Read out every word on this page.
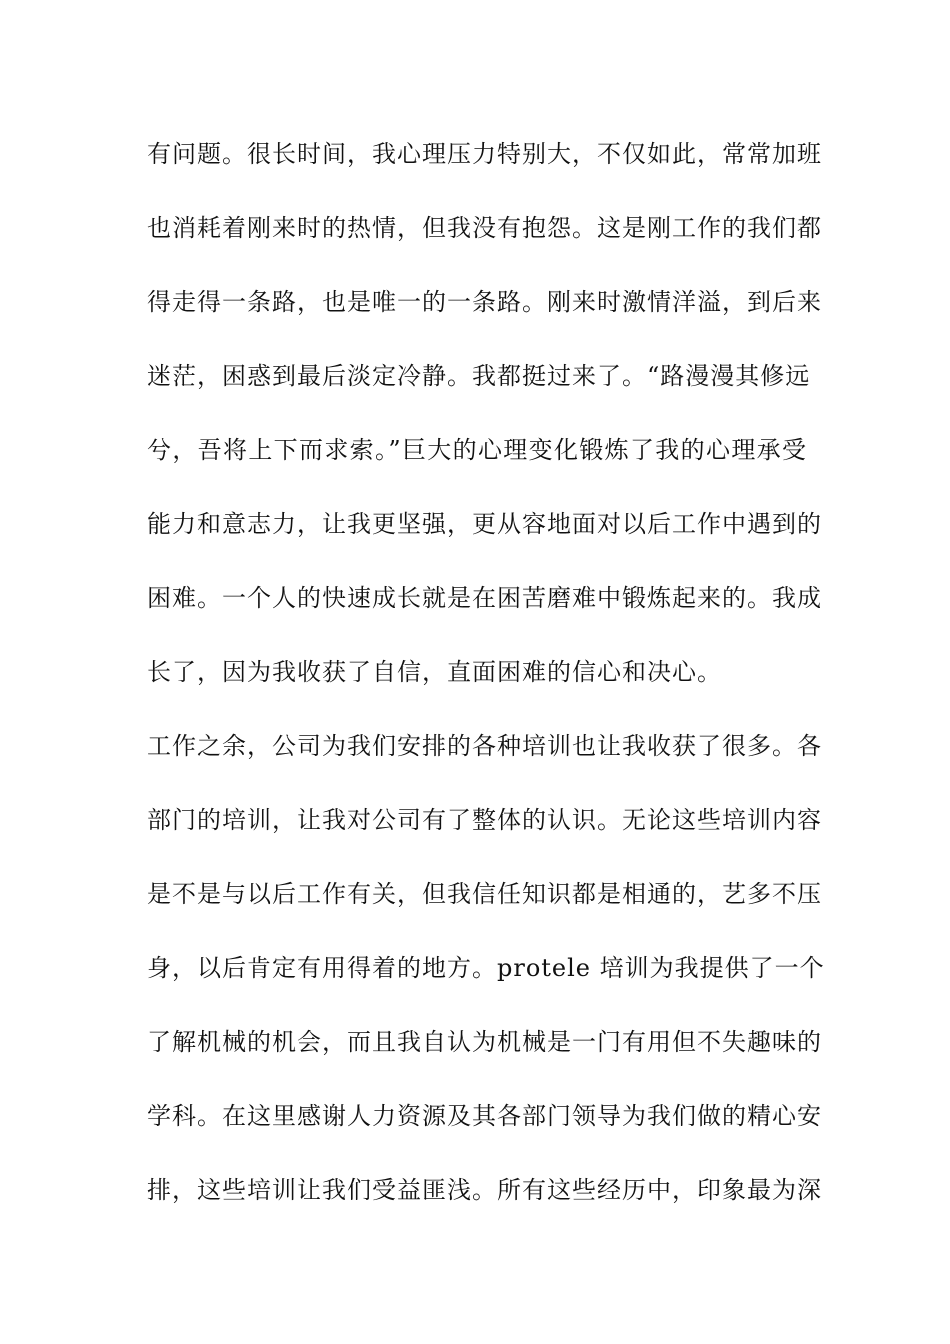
有问题。很长时间，我心理压力特别大，不仅如此，常常加班
也消耗着刚来时的热情，但我没有抱怨。这是刚工作的我们都
得走得一条路，也是唯一的一条路。刚来时激情洋溢，到后来
迷茫，困惑到最后淡定冷静。我都挺过来了。“路漫漫其修远
兮，吾将上下而求索。”巨大的心理变化锻炼了我的心理承受
能力和意志力，让我更坚强，更从容地面对以后工作中遇到的
困难。一个人的快速成长就是在困苦磨难中锻炼起来的。我成
长了，因为我收获了自信，直面困难的信心和决心。
工作之余，公司为我们安排的各种培训也让我收获了很多。各
部门的培训，让我对公司有了整体的认识。无论这些培训内容
是不是与以后工作有关，但我信任知识都是相通的，艺多不压
身，以后肯定有用得着的地方。protele 培训为我提供了一个
了解机械的机会，而且我自认为机械是一门有用但不失趣味的
学科。在这里感谢人力资源及其各部门领导为我们做的精心安
排，这些培训让我们受益匪浅。所有这些经历中，印象最为深
